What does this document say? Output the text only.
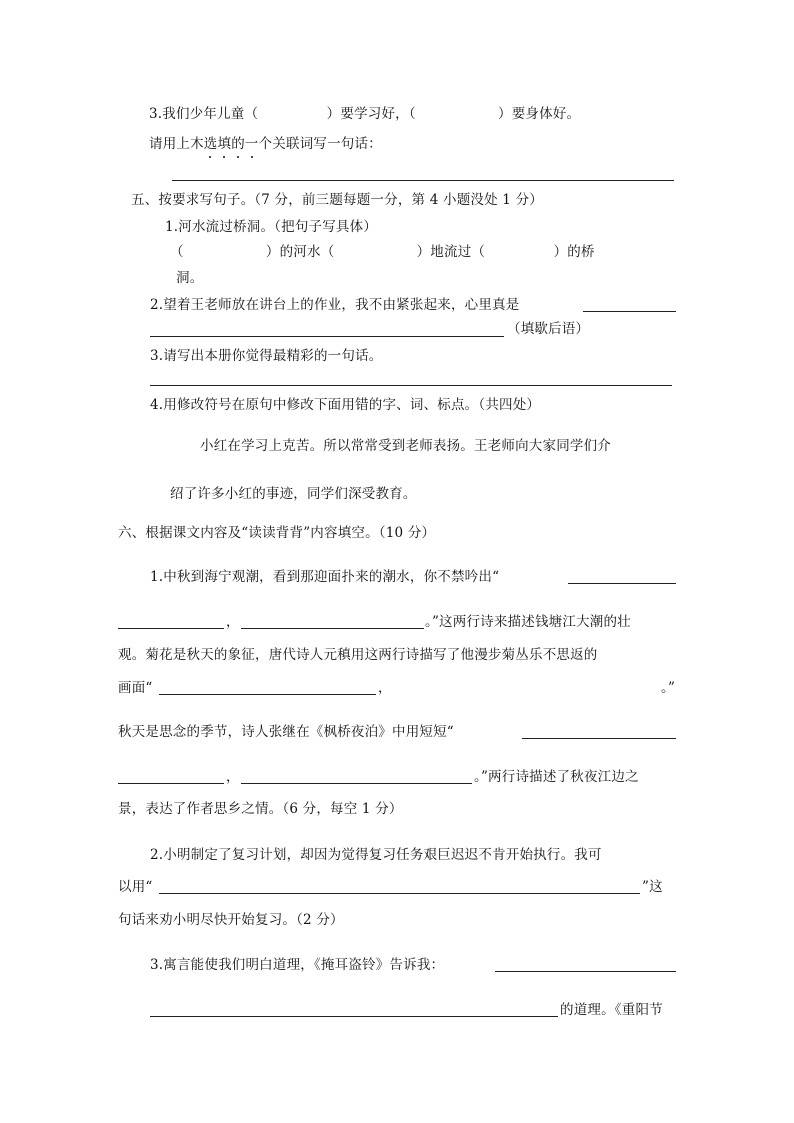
3.我们少年儿童（　　　　　）要学习好，（　　　　　　）要身体好。
请用上木选填的一个关联词写一句话：
五、按要求写句子。（7 分，前三题每题一分，第 4 小题没处 1 分）
1.河水流过桥洞。（把句子写具体）
（　　　　　　）的河水（　　　　　　）地流过（　　　　　）的桥
洞。
2.望着王老师放在讲台上的作业，我不由紧张起来，心里真是
（填歇后语）
3.请写出本册你觉得最精彩的一句话。
4.用修改符号在原句中修改下面用错的字、词、标点。（共四处）
小红在学习上克苦。所以常常受到老师表扬。王老师向大家同学们介
绍了许多小红的事迹，同学们深受教育。
六、根据课文内容及“读读背背”内容填空。（10 分）
1.中秋到海宁观潮，看到那迎面扑来的潮水，你不禁吟出“
，	。”这两行诗来描述钱塘江大潮的壮
观。菊花是秋天的象征，唐代诗人元稹用这两行诗描写了他漫步菊丛乐不思返的
画面“	，	。”
秋天是思念的季节，诗人张继在《枫桥夜泊》中用短短“
，	。”两行诗描述了秋夜江边之
景，表达了作者思乡之情。（6 分，每空 1 分）
2.小明制定了复习计划，却因为觉得复习任务艰巨迟迟不肯开始执行。我可
以用“	”这
句话来劝小明尽快开始复习。（2 分）
3.寓言能使我们明白道理，《掩耳盗铃》告诉我：
的道理。《重阳节
